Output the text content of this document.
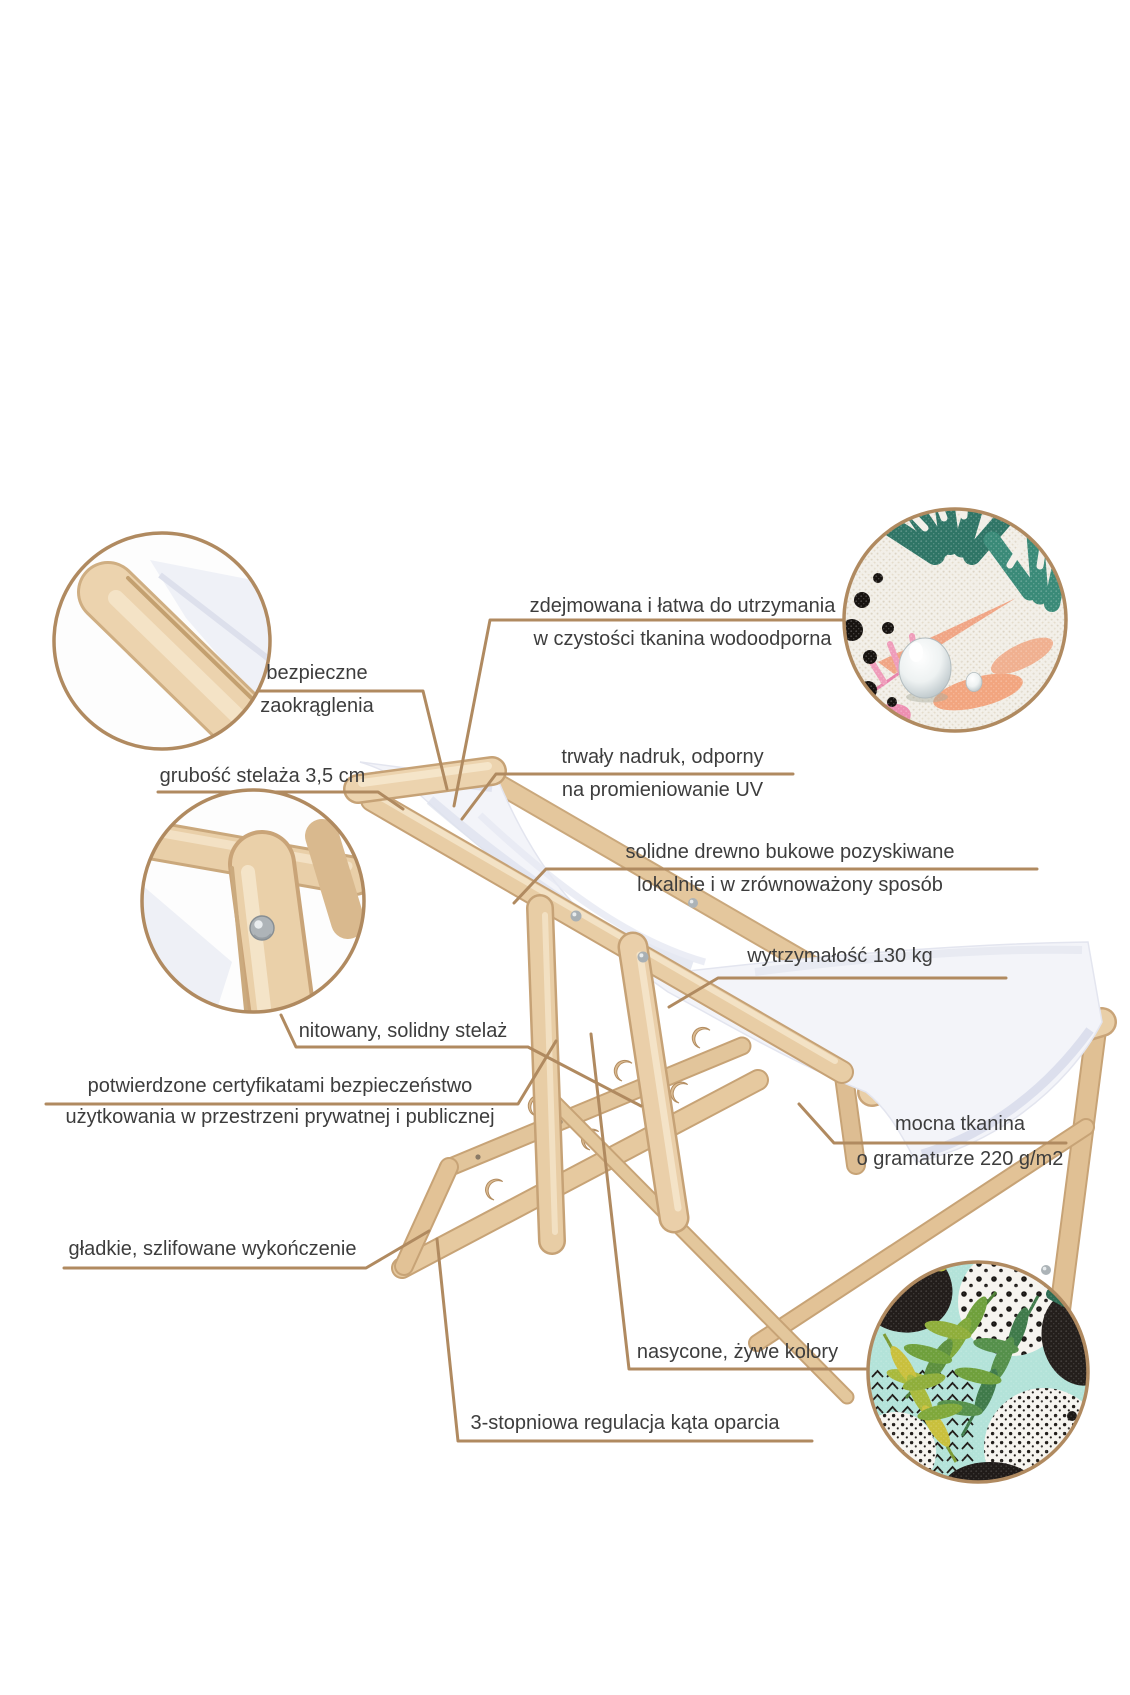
bezpieczne
zaokrąglenia
grubość stelaża 3,5 cm
zdejmowana i łatwa do utrzymania
w czystości tkanina wodoodporna
trwały nadruk, odporny
na promieniowanie UV
solidne drewno bukowe pozyskiwane
lokalnie i w zrównoważony sposób
wytrzymałość 130 kg
nitowany, solidny stelaż
potwierdzone certyfikatami bezpieczeństwo
użytkowania w przestrzeni prywatnej i publicznej	mocna tkanina
o gramaturze 220 g/m2
gładkie, szlifowane wykończenie
nasycone, żywe kolory
3-stopniowa regulacja kąta oparcia
